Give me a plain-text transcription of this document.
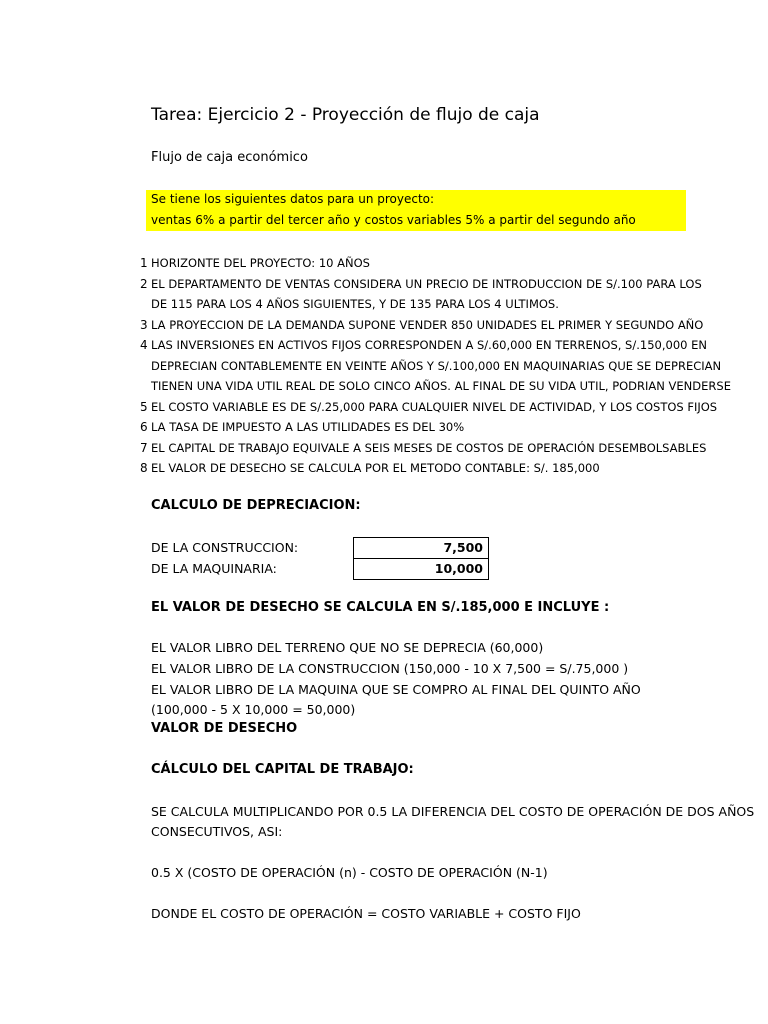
Tarea: Ejercicio 2 - Proyección de flujo de caja
Flujo de caja económico
Se tiene los siguientes datos para un proyecto:
ventas 6% a partir del tercer año y costos variables 5% a partir del segundo año
1 HORIZONTE DEL PROYECTO: 10 AÑOS
2 EL DEPARTAMENTO DE VENTAS CONSIDERA UN PRECIO DE INTRODUCCION DE S/.100 PARA LOS
DE 115 PARA LOS 4 AÑOS SIGUIENTES, Y DE 135 PARA LOS 4 ULTIMOS.
3 LA PROYECCION DE LA DEMANDA SUPONE VENDER 850 UNIDADES EL PRIMER Y SEGUNDO AÑO
4 LAS INVERSIONES EN ACTIVOS FIJOS CORRESPONDEN A S/.60,000 EN TERRENOS, S/.150,000 EN
DEPRECIAN CONTABLEMENTE EN VEINTE AÑOS Y S/.100,000 EN MAQUINARIAS QUE SE DEPRECIAN
TIENEN UNA VIDA UTIL REAL DE SOLO CINCO AÑOS. AL FINAL DE SU VIDA UTIL, PODRIAN VENDERSE
5 EL COSTO VARIABLE ES DE S/.25,000 PARA CUALQUIER NIVEL DE ACTIVIDAD, Y LOS COSTOS FIJOS
6 LA TASA DE IMPUESTO A LAS UTILIDADES ES DEL 30%
7 EL CAPITAL DE TRABAJO EQUIVALE A SEIS MESES DE COSTOS DE OPERACIÓN DESEMBOLSABLES
8 EL VALOR DE DESECHO SE CALCULA POR EL METODO CONTABLE: S/. 185,000
CALCULO DE DEPRECIACION:
DE LA CONSTRUCCION:
DE LA MAQUINARIA:
7,500
10,000
EL VALOR DE DESECHO SE CALCULA EN S/.185,000 E INCLUYE :
EL VALOR LIBRO DEL TERRENO QUE NO SE DEPRECIA (60,000)
EL VALOR LIBRO DE LA CONSTRUCCION (150,000 - 10 X 7,500 = S/.75,000 )
EL VALOR LIBRO DE LA MAQUINA QUE SE COMPRO AL FINAL DEL QUINTO AÑO
(100,000 - 5 X 10,000 = 50,000)
VALOR DE DESECHO
CÁLCULO DEL CAPITAL DE TRABAJO:
SE CALCULA MULTIPLICANDO POR 0.5 LA DIFERENCIA DEL COSTO DE OPERACIÓN DE DOS AÑOS
CONSECUTIVOS, ASI:
0.5 X (COSTO DE OPERACIÓN (n) - COSTO DE OPERACIÓN (N-1)
DONDE EL COSTO DE OPERACIÓN = COSTO VARIABLE + COSTO FIJO
